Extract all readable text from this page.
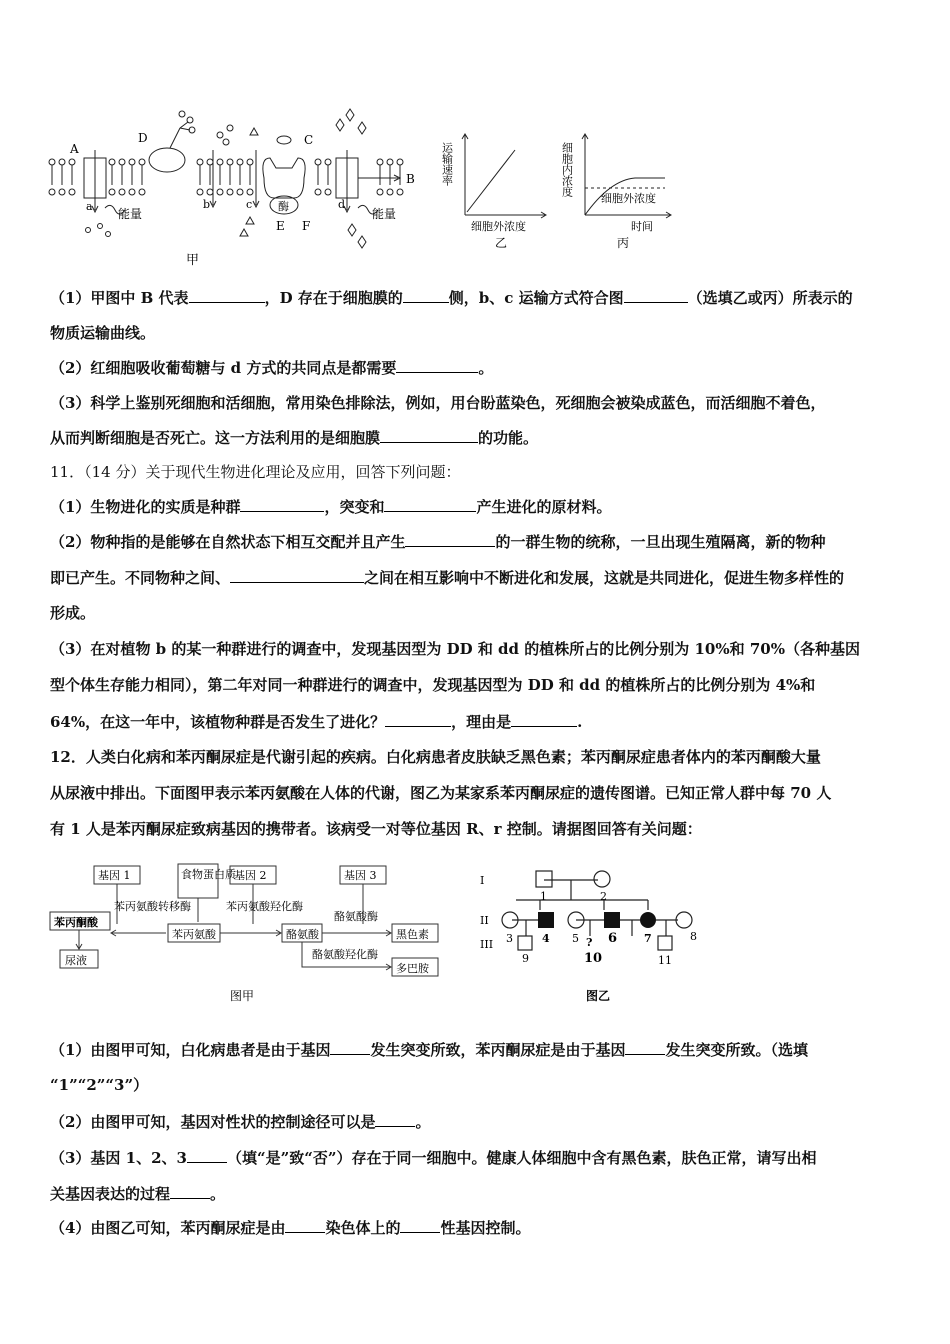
酶
A
B
C
D
E F
a	b	c	d
能量	能量
甲
运输速率
细胞外浓度
乙
细胞内浓度
细胞外浓度
时间
丙
（1）甲图中 B 代表	，D 存在于细胞膜的	侧，b、c 运输方式符合图	（选填乙或丙）所表示的
物质运输曲线。
（2）红细胞吸收葡萄糖与 d 方式的共同点是都需要	。
（3）科学上鉴别死细胞和活细胞，常用染色排除法，例如，用台盼蓝染色，死细胞会被染成蓝色，而活细胞不着色，
从而判断细胞是否死亡。这一方法利用的是细胞膜	的功能。
11．（14 分）关于现代生物进化理论及应用，回答下列问题：
（1）生物进化的实质是种群	，突变和	产生进化的原材料。
（2）物种指的是能够在自然状态下相互交配并且产生	的一群生物的统称，一旦出现生殖隔离，新的物种
即已产生。不同物种之间、	之间在相互影响中不断进化和发展，这就是共同进化，促进生物多样性的
形成。
（3）在对植物 b 的某一种群进行的调查中，发现基因型为 DD 和 dd 的植株所占的比例分别为 10%和 70%（各种基因
型个体生存能力相同），第二年对同一种群进行的调查中，发现基因型为 DD 和 dd 的植株所占的比例分别为 4%和
64%，在这一年中，该植物种群是否发生了进化？	，理由是	.
12．人类白化病和苯丙酮尿症是代谢引起的疾病。白化病患者皮肤缺乏黑色素；苯丙酮尿症患者体内的苯丙酮酸大量
从尿液中排出。下面图甲表示苯丙氨酸在人体的代谢，图乙为某家系苯丙酮尿症的遗传图谱。已知正常人群中每 70 人
有 1 人是苯丙酮尿症致病基因的携带者。该病受一对等位基因 R、r 控制。请据图回答有关问题：
基因 1	食物蛋白质
基因 2	基因 3
苯丙氨酸转移酶	苯丙氨酸羟化酶
酪氨酸酶
酪氨酸羟化酶
苯丙酮酸
苯丙氨酸	酪氨酸	黑色素
尿液
多巴胺
图甲
I
II
III
1	2
3	4 5 6 7	8
9
?
10	11
图乙
（1）由图甲可知，白化病患者是由于基因	发生突变所致，苯丙酮尿症是由于基因	发生突变所致。（选填
“1”“2”“3”）
（2）由图甲可知，基因对性状的控制途径可以是	。
（3）基因 1、2、3	（填“是”致“否”）存在于同一细胞中。健康人体细胞中含有黑色素，肤色正常，请写出相
关基因表达的过程	。
（4）由图乙可知，苯丙酮尿症是由	染色体上的	性基因控制。
